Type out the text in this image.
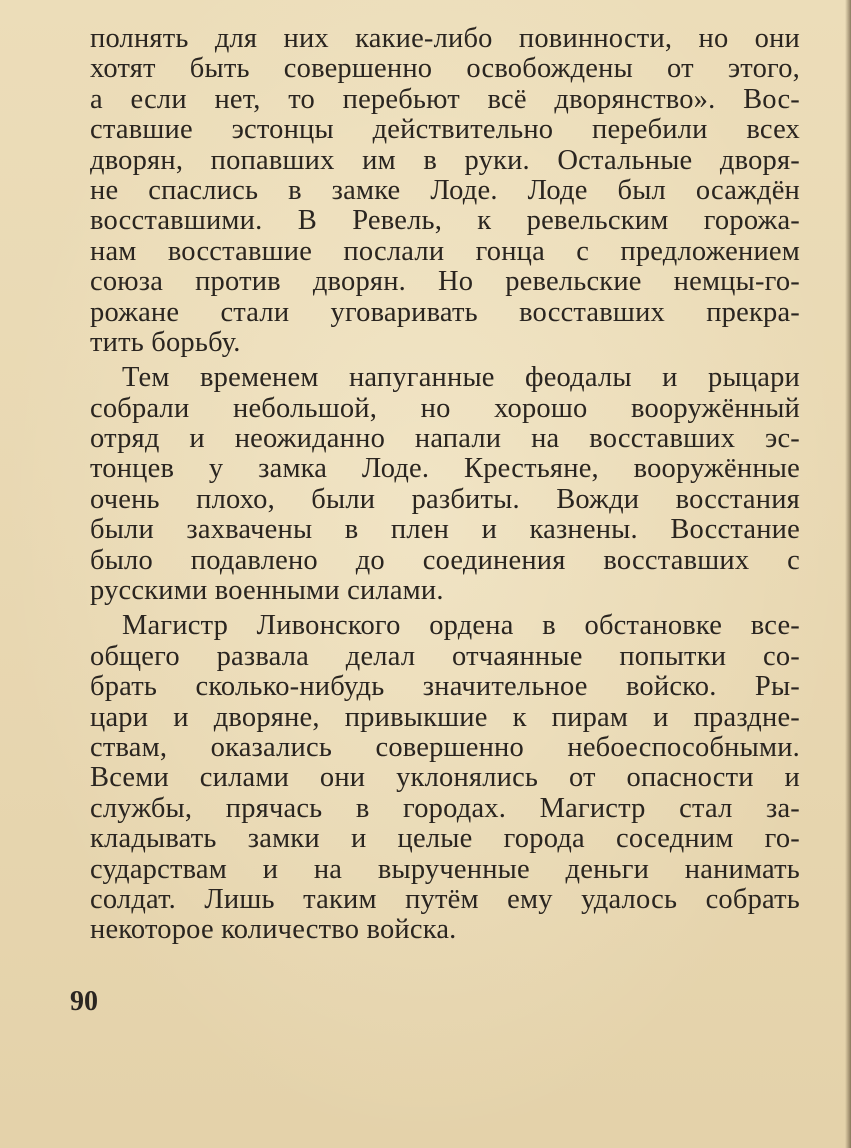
полнять для них какие-либо повинности, но они
хотят быть совершенно освобождены от этого,
а если нет, то перебьют всё дворянство». Вос-
ставшие эстонцы действительно перебили всех
дворян, попавших им в руки. Остальные дворя-
не спаслись в замке Лоде. Лоде был осаждён
восставшими. В Ревель, к ревельским горожа-
нам восставшие послали гонца с предложением
союза против дворян. Но ревельские немцы-го-
рожане стали уговаривать восставших прекра-
тить борьбу.
Тем временем напуганные феодалы и рыцари
собрали небольшой, но хорошо вооружённый
отряд и неожиданно напали на восставших эс-
тонцев у замка Лоде. Крестьяне, вооружённые
очень плохо, были разбиты. Вожди восстания
были захвачены в плен и казнены. Восстание
было подавлено до соединения восставших с
русскими военными силами.
Магистр Ливонского ордена в обстановке все-
общего развала делал отчаянные попытки со-
брать сколько-нибудь значительное войско. Ры-
цари и дворяне, привыкшие к пирам и праздне-
ствам, оказались совершенно небоеспособными.
Всеми силами они уклонялись от опасности и
службы, прячась в городах. Магистр стал за-
кладывать замки и целые города соседним го-
сударствам и на вырученные деньги нанимать
солдат. Лишь таким путём ему удалось собрать
некоторое количество войска.
90
